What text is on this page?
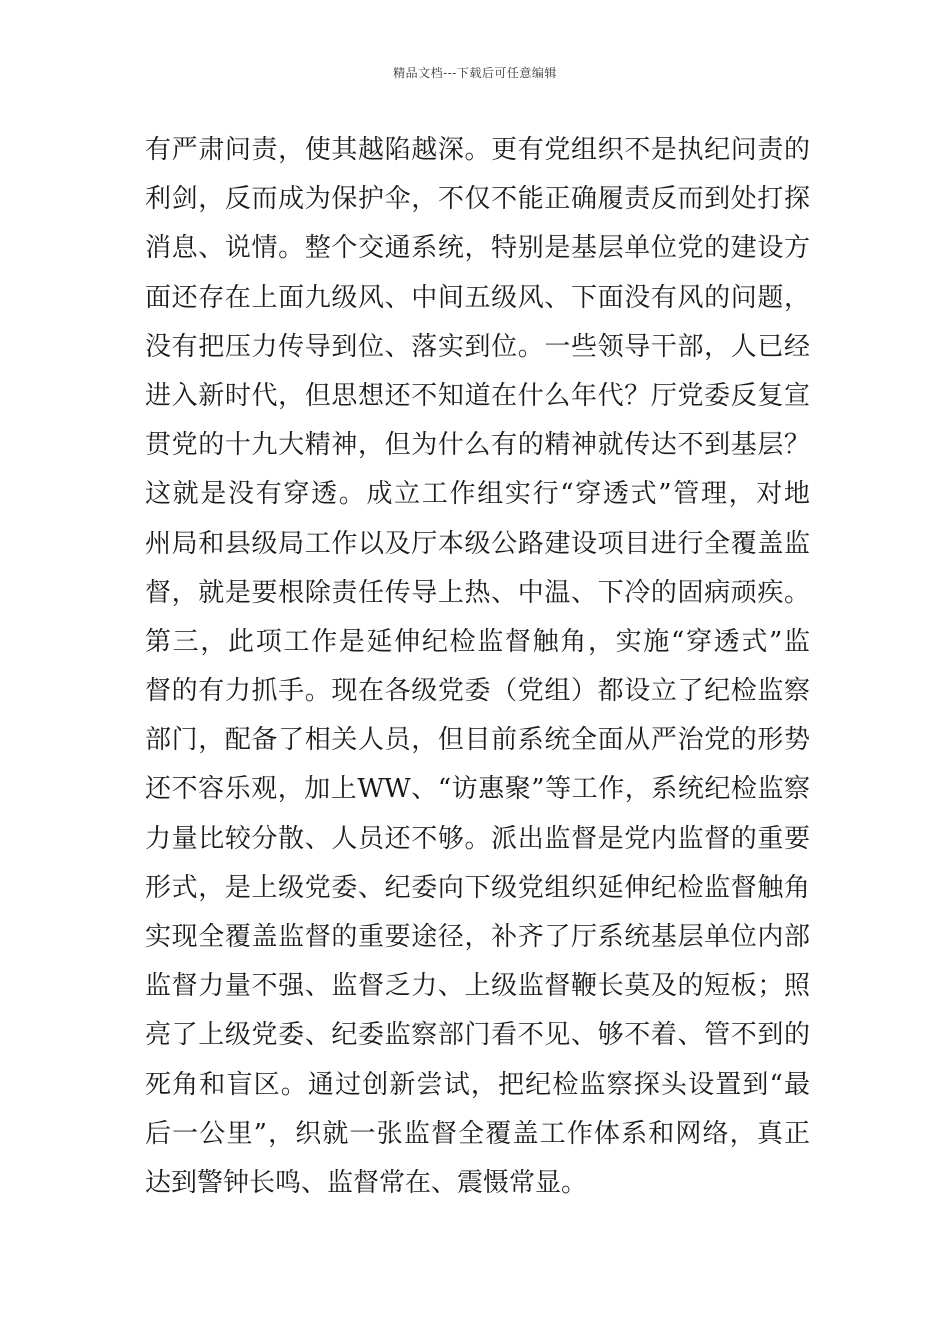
精品文档---下载后可任意编辑
有严肃问责，使其越陷越深。更有党组织不是执纪问责的
利剑，反而成为保护伞，不仅不能正确履责反而到处打探
消息、说情。整个交通系统，特别是基层单位党的建设方
面还存在上面九级风、中间五级风、下面没有风的问题，
没有把压力传导到位、落实到位。一些领导干部，人已经
进入新时代，但思想还不知道在什么年代？厅党委反复宣
贯党的十九大精神，但为什么有的精神就传达不到基层？
这就是没有穿透。成立工作组实行“穿透式”管理，对地
州局和县级局工作以及厅本级公路建设项目进行全覆盖监
督，就是要根除责任传导上热、中温、下冷的固病顽疾。
第三，此项工作是延伸纪检监督触角，实施“穿透式”监
督的有力抓手。现在各级党委（党组）都设立了纪检监察
部门，配备了相关人员，但目前系统全面从严治党的形势
还不容乐观，加上WW、“访惠聚”等工作，系统纪检监察
力量比较分散、人员还不够。派出监督是党内监督的重要
形式，是上级党委、纪委向下级党组织延伸纪检监督触角
实现全覆盖监督的重要途径，补齐了厅系统基层单位内部
监督力量不强、监督乏力、上级监督鞭长莫及的短板；照
亮了上级党委、纪委监察部门看不见、够不着、管不到的
死角和盲区。通过创新尝试，把纪检监察探头设置到“最
后一公里”，织就一张监督全覆盖工作体系和网络，真正
达到警钟长鸣、监督常在、震慑常显。
